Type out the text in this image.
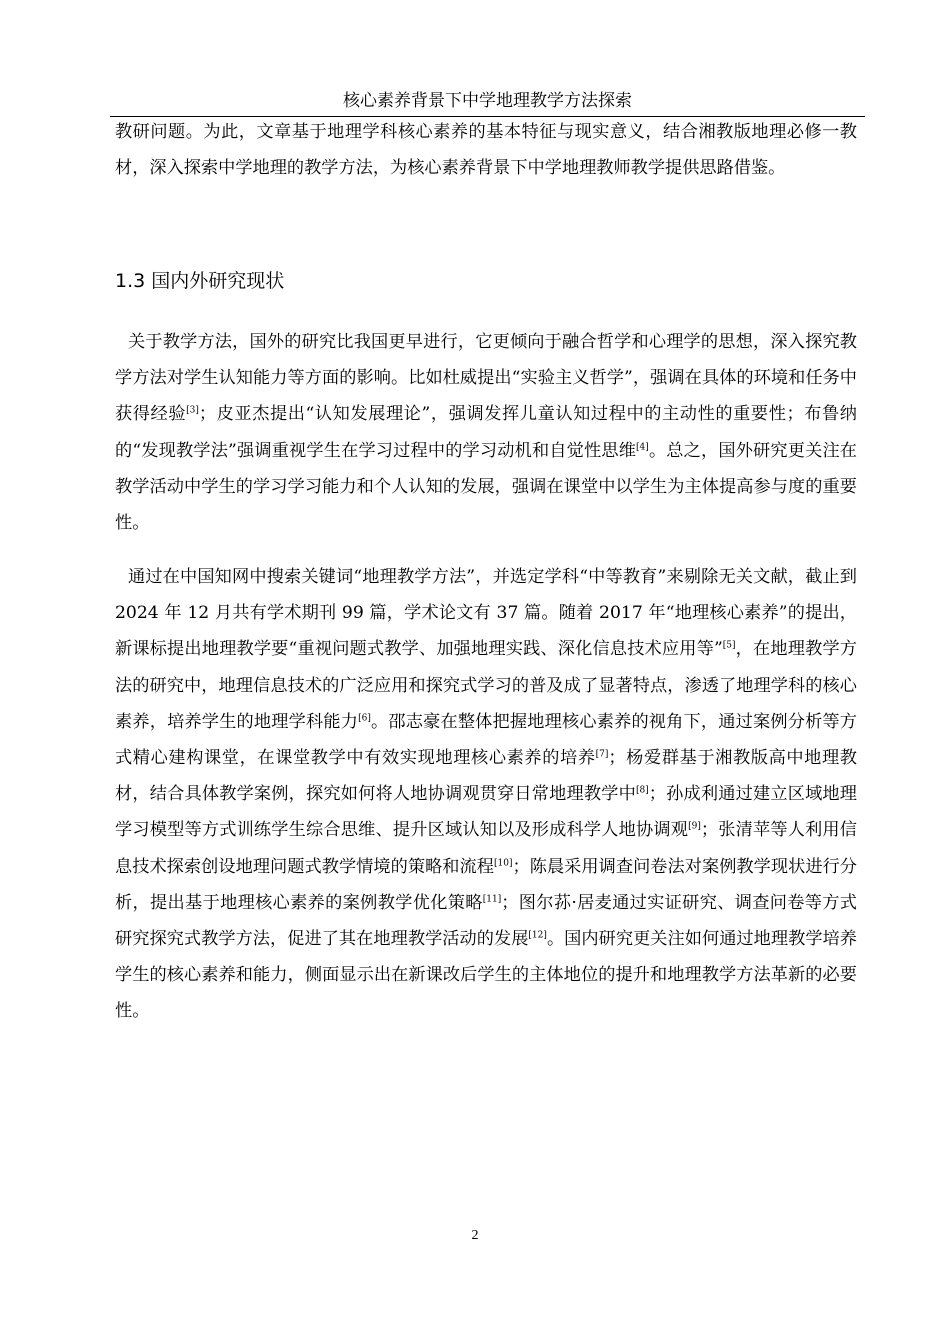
核心素养背景下中学地理教学方法探索

教研问题。为此，文章基于地理学科核心素养的基本特征与现实意义，结合湘教版地理必修一教材，深入探索中学地理的教学方法，为核心素养背景下中学地理教师教学提供思路借鉴。

1.3 国内外研究现状

关于教学方法，国外的研究比我国更早进行，它更倾向于融合哲学和心理学的思想，深入探究教学方法对学生认知能力等方面的影响。比如杜威提出“实验主义哲学”，强调在具体的环境和任务中获得经验[3]；皮亚杰提出“认知发展理论”，强调发挥儿童认知过程中的主动性的重要性；布鲁纳的“发现教学法”强调重视学生在学习过程中的学习动机和自觉性思维[4]。总之，国外研究更关注在教学活动中学生的学习学习能力和个人认知的发展，强调在课堂中以学生为主体提高参与度的重要性。

通过在中国知网中搜索关键词“地理教学方法”，并选定学科“中等教育”来剔除无关文献，截止到 2024 年 12 月共有学术期刊 99 篇，学术论文有 37 篇。随着 2017 年“地理核心素养”的提出，新课标提出地理教学要“重视问题式教学、加强地理实践、深化信息技术应用等”[5]，在地理教学方法的研究中，地理信息技术的广泛应用和探究式学习的普及成了显著特点，渗透了地理学科的核心素养，培养学生的地理学科能力[6]。邵志豪在整体把握地理核心素养的视角下，通过案例分析等方式精心建构课堂，在课堂教学中有效实现地理核心素养的培养[7]；杨爱群基于湘教版高中地理教材，结合具体教学案例，探究如何将人地协调观贯穿日常地理教学中[8]；孙成利通过建立区域地理学习模型等方式训练学生综合思维、提升区域认知以及形成科学人地协调观[9]；张清苹等人利用信息技术探索创设地理问题式教学情境的策略和流程[10]；陈晨采用调查问卷法对案例教学现状进行分析，提出基于地理核心素养的案例教学优化策略[11]；图尔荪·居麦通过实证研究、调查问卷等方式研究探究式教学方法，促进了其在地理教学活动的发展[12]。国内研究更关注如何通过地理教学培养学生的核心素养和能力，侧面显示出在新课改后学生的主体地位的提升和地理教学方法革新的必要性。

2
